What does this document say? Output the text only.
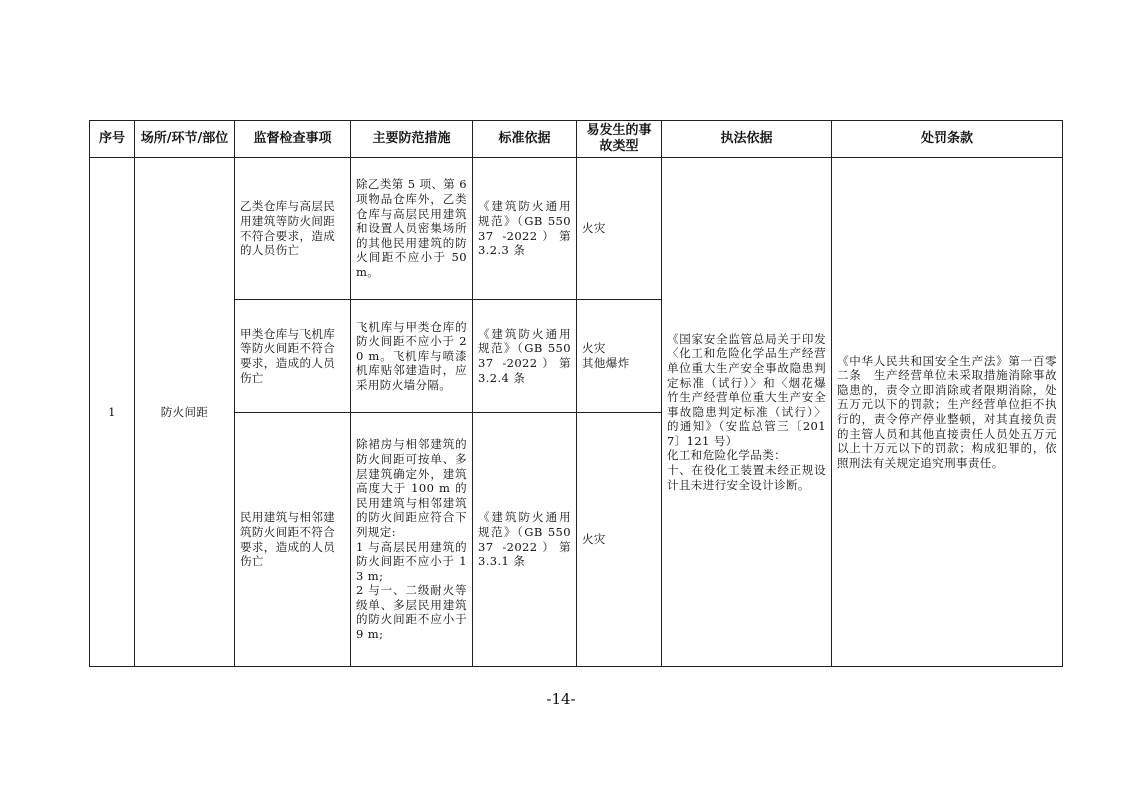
序号	场所/环节/部位	监督检查事项	主要防范措施	标准依据	易发生的事故类型	执法依据	处罚条款
1	防火间距	乙类仓库与高层民用建筑等防火间距不符合要求，造成的人员伤亡	除乙类第 5 项、第 6 项物品仓库外，乙类仓库与高层民用建筑和设置人员密集场所的其他民用建筑的防火间距不应小于 50 m。	《建筑防火通用规范》（GB 55037 -2022）第 3.2.3 条	火灾	《国家安全监管总局关于印发〈化工和危险化学品生产经营单位重大生产安全事故隐患判定标准（试行）〉和〈烟花爆竹生产经营单位重大生产安全事故隐患判定标准（试行）〉的通知》（安监总管三〔2017〕121 号）
化工和危险化学品类：
十、在役化工装置未经正规设计且未进行安全设计诊断。	《中华人民共和国安全生产法》第一百零二条　生产经营单位未采取措施消除事故隐患的，责令立即消除或者限期消除，处五万元以下的罚款；生产经营单位拒不执行的，责令停产停业整顿，对其直接负责的主管人员和其他直接责任人员处五万元以上十万元以下的罚款；构成犯罪的，依照刑法有关规定追究刑事责任。
		甲类仓库与飞机库等防火间距不符合要求，造成的人员伤亡	飞机库与甲类仓库的防火间距不应小于 20 m。飞机库与喷漆机库贴邻建造时，应采用防火墙分隔。	《建筑防火通用规范》（GB 55037 -2022）第 3.2.4 条	火灾
其他爆炸		
		民用建筑与相邻建筑防火间距不符合要求，造成的人员伤亡	除裙房与相邻建筑的防火间距可按单、多层建筑确定外，建筑高度大于 100 m 的民用建筑与相邻建筑的防火间距应符合下列规定:
1 与高层民用建筑的防火间距不应小于 13 m;
2 与一、二级耐火等级单、多层民用建筑的防火间距不应小于 9 m;	《建筑防火通用规范》（GB 55037 -2022）第 3.3.1 条	火灾		
-14-
